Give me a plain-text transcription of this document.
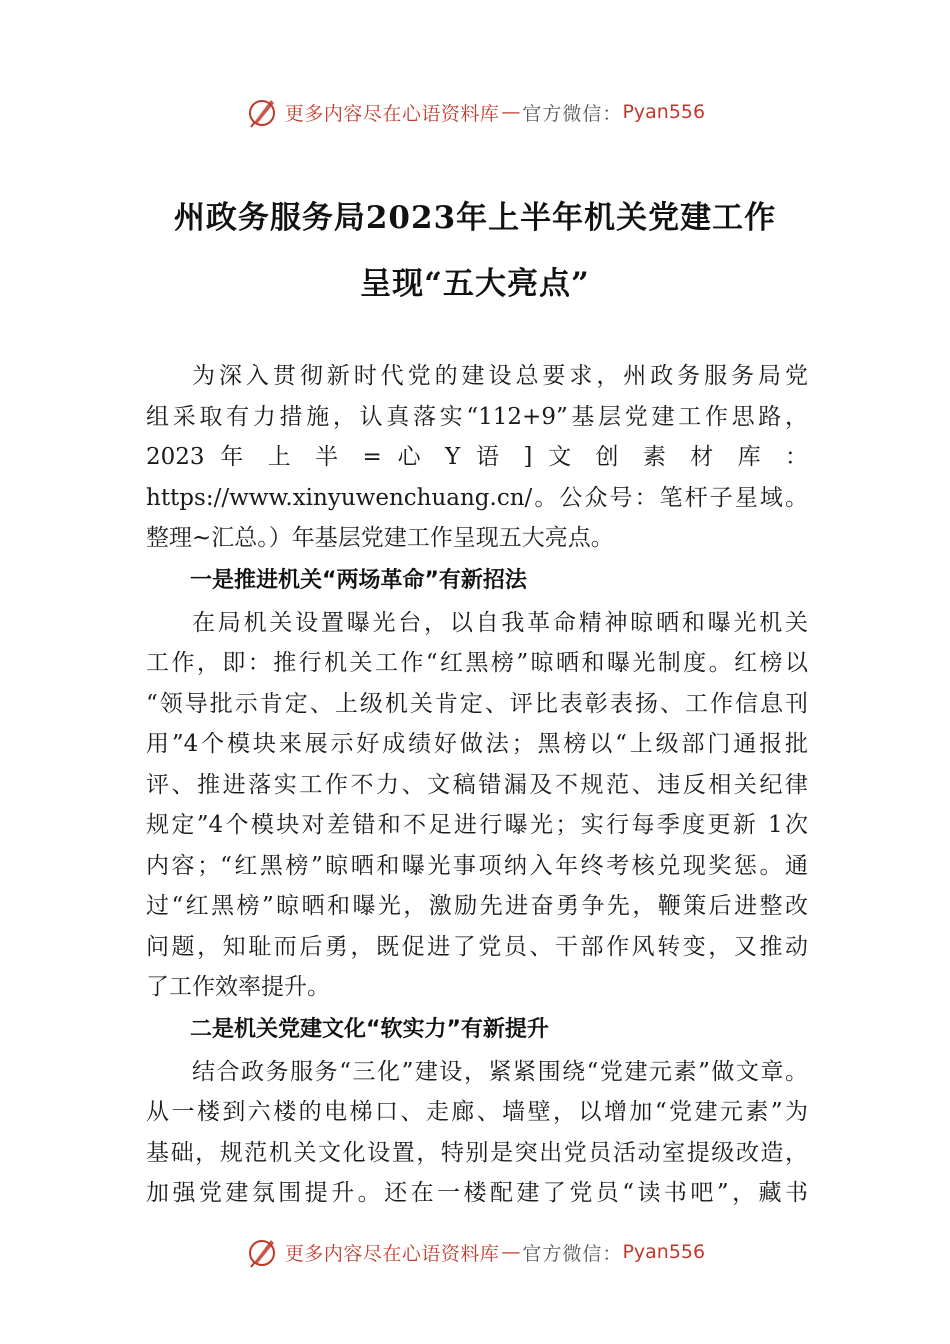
更多内容尽在心语资料库 — 官方微信： Pyan556
州政务服务局2023年上半年机关党建工作
呈现“五大亮点”

为深入贯彻新时代党的建设总要求，州政务服务局党
组采取有力措施，认真落实“112+9”基层党建工作思路，
2023 年 上 半 = 心 Y 语 ] 文 创 素 材 库 ：
https://www.xinyuwenchuang.cn/。公众号：笔杆子星域。
整理~汇总。）年基层党建工作呈现五大亮点。

一是推进机关“两场革命”有新招法

在局机关设置曝光台，以自我革命精神晾晒和曝光机关
工作，即：推行机关工作“红黑榜”晾晒和曝光制度。红榜以
“领导批示肯定、上级机关肯定、评比表彰表扬、工作信息刊
用”4个模块来展示好成绩好做法；黑榜以“上级部门通报批
评、推进落实工作不力、文稿错漏及不规范、违反相关纪律
规定”4个模块对差错和不足进行曝光；实行每季度更新 1次
内容；“红黑榜”晾晒和曝光事项纳入年终考核兑现奖惩。通
过“红黑榜”晾晒和曝光，激励先进奋勇争先，鞭策后进整改
问题，知耻而后勇，既促进了党员、干部作风转变，又推动
了工作效率提升。

二是机关党建文化“软实力”有新提升

结合政务服务“三化”建设，紧紧围绕“党建元素”做文章。
从一楼到六楼的电梯口、走廊、墙壁，以增加“党建元素”为
基础，规范机关文化设置，特别是突出党员活动室提级改造，
加强党建氛围提升。还在一楼配建了党员“读书吧”，藏书

更多内容尽在心语资料库 — 官方微信： Pyan556
